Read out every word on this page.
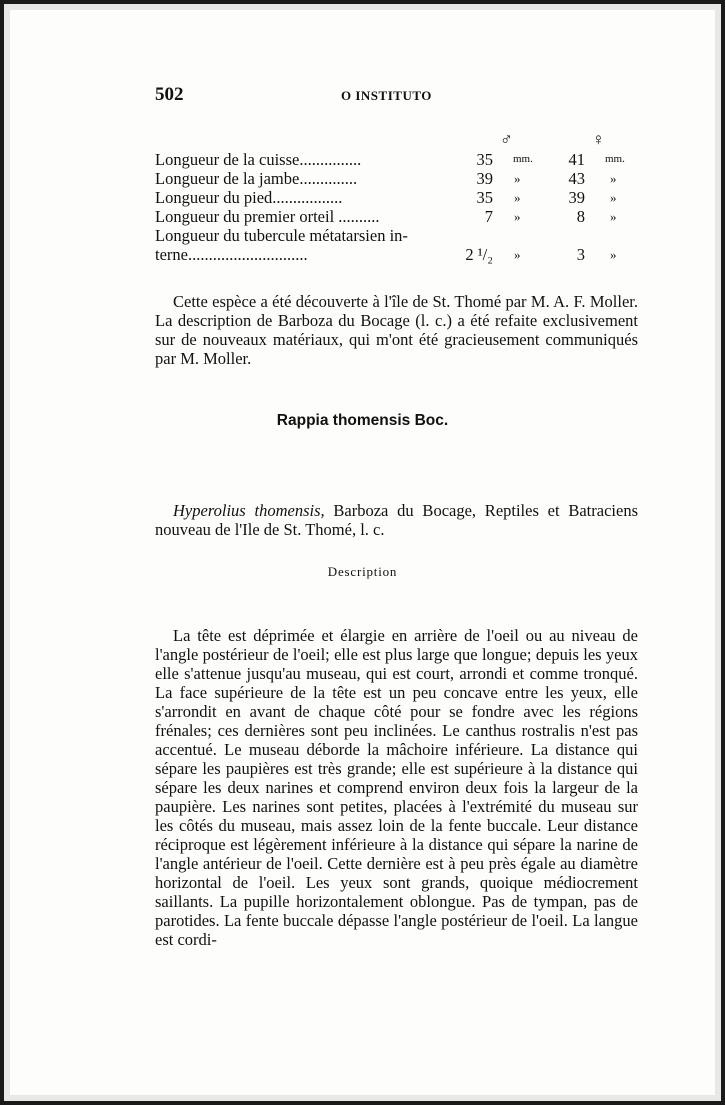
502	O INSTITUTO
♂	♀
Longueur de la cuisse...............	35 mm.	41 mm.
Longueur de la jambe..............	39 »	43 »
Longueur du pied.................	35 »	39 »
Longueur du premier orteil ..........	7 »	8 »
Longueur du tubercule métatarsien in-
terne.............................	2 ¹/₂ »	3 »

Cette espèce a été découverte à l'île de St. Thomé par M. A. F. Moller. La description de Barboza du Bocage (l. c.) a été refaite exclusivement sur de nouveaux matériaux, qui m'ont été gracieusement communiqués par M. Moller.

Rappia thomensis Boc.

Hyperolius thomensis, Barboza du Bocage, Reptiles et Batraciens nouveau de l'Ile de St. Thomé, l. c.

Description

La tête est déprimée et élargie en arrière de l'oeil ou au niveau de l'angle postérieur de l'oeil; elle est plus large que longue; depuis les yeux elle s'attenue jusqu'au museau, qui est court, arrondi et comme tronqué. La face supérieure de la tête est un peu concave entre les yeux, elle s'arrondit en avant de chaque côté pour se fondre avec les régions frénales; ces dernières sont peu inclinées. Le canthus rostralis n'est pas accentué. Le museau déborde la mâchoire inférieure. La distance qui sépare les paupières est très grande; elle est supérieure à la distance qui sépare les deux narines et comprend environ deux fois la largeur de la paupière. Les narines sont petites, placées à l'extrémité du museau sur les côtés du museau, mais assez loin de la fente buccale. Leur distance réciproque est légèrement inférieure à la distance qui sépare la narine de l'angle antérieur de l'oeil. Cette dernière est à peu près égale au diamètre horizontal de l'oeil. Les yeux sont grands, quoique médiocrement saillants. La pupille horizontalement oblongue. Pas de tympan, pas de parotides. La fente buccale dépasse l'angle postérieur de l'oeil. La langue est cordi-
